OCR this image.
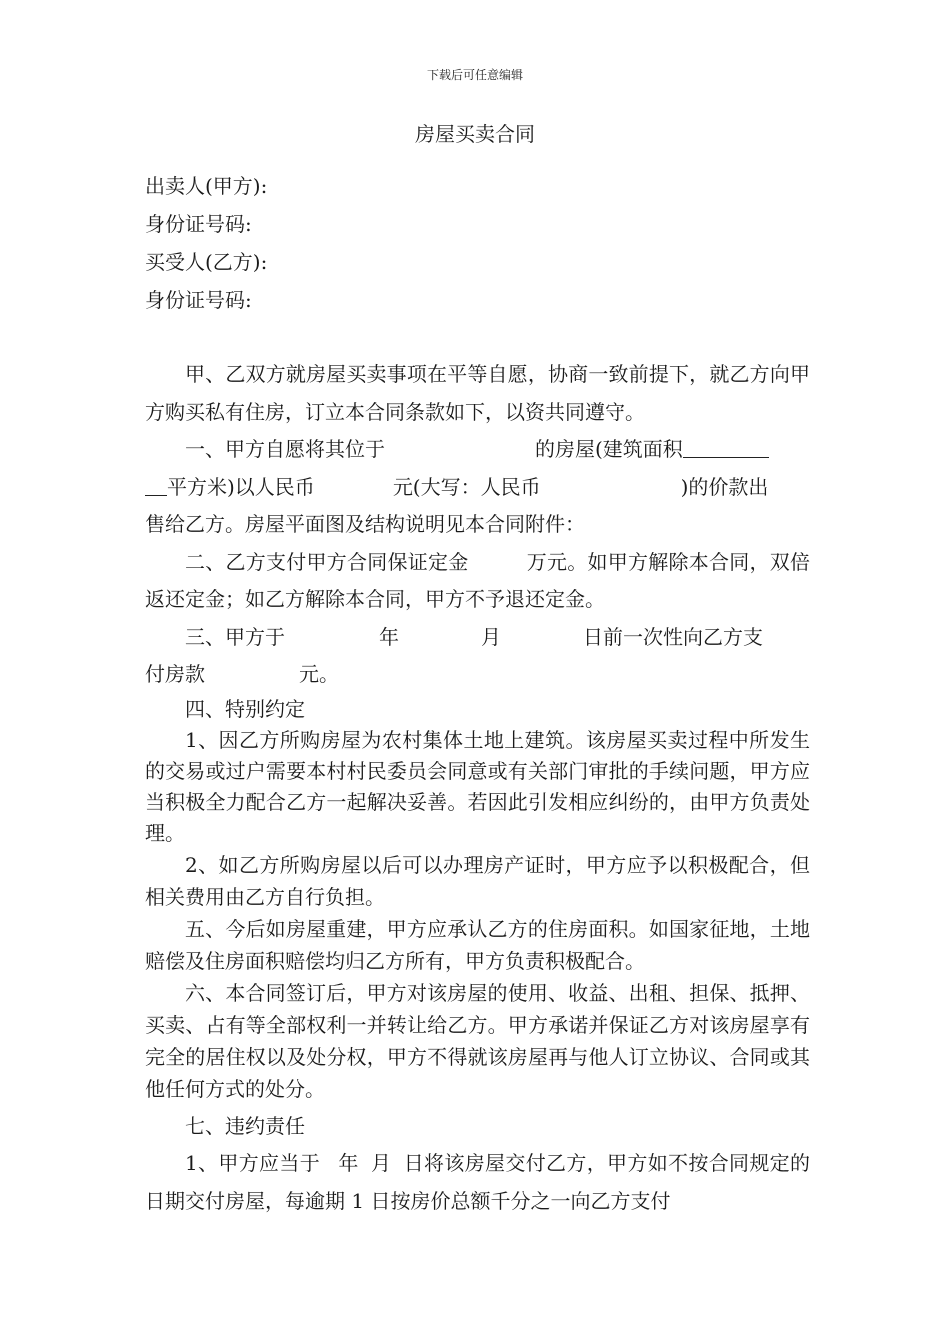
下载后可任意编辑
房屋买卖合同
出卖人(甲方):
身份证号码:
买受人(乙方):
身份证号码:

甲、乙双方就房屋买卖事项在平等自愿，协商一致前提下，就乙方向甲方购买私有住房，订立本合同条款如下，以资共同遵守。

一、甲方自愿将其位于	的房屋(建筑面积
平方米)以人民币	元(大写：人民币	)的价款出
售给乙方。房屋平面图及结构说明见本合同附件：

二、乙方支付甲方合同保证定金	万元。如甲方解除本合同，双倍返还定金；如乙方解除本合同，甲方不予退还定金。

三、甲方于	年	月	日前一次性向乙方支
付房款	元。

四、特别约定

1、因乙方所购房屋为农村集体土地上建筑。该房屋买卖过程中所发生的交易或过户需要本村村民委员会同意或有关部门审批的手续问题，甲方应当积极全力配合乙方一起解决妥善。若因此引发相应纠纷的，由甲方负责处理。

2、如乙方所购房屋以后可以办理房产证时，甲方应予以积极配合，但相关费用由乙方自行负担。

五、今后如房屋重建，甲方应承认乙方的住房面积。如国家征地，土地赔偿及住房面积赔偿均归乙方所有，甲方负责积极配合。

六、本合同签订后，甲方对该房屋的使用、收益、出租、担保、抵押、买卖、占有等全部权利一并转让给乙方。甲方承诺并保证乙方对该房屋享有完全的居住权以及处分权，甲方不得就该房屋再与他人订立协议、合同或其他任何方式的处分。

七、违约责任

1、甲方应当于 年 月 日将该房屋交付乙方，甲方如不按合同规定的日期交付房屋，每逾期 1 日按房价总额千分之一向乙方支付
